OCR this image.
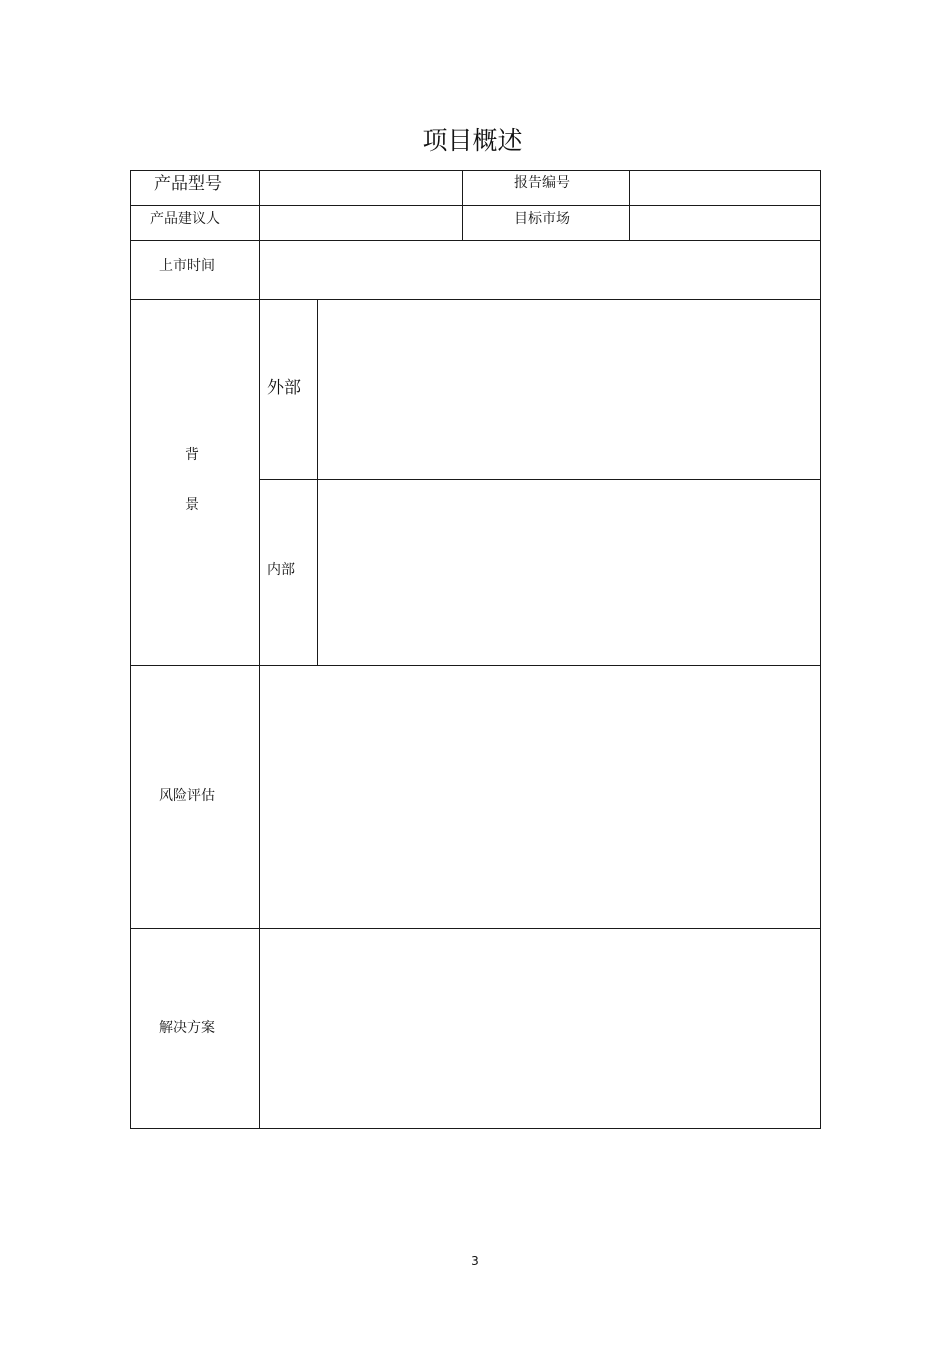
项目概述
产品型号	报告编号
产品建议人	目标市场
上市时间
背
景
外部
内部
风险评估
解决方案
3
